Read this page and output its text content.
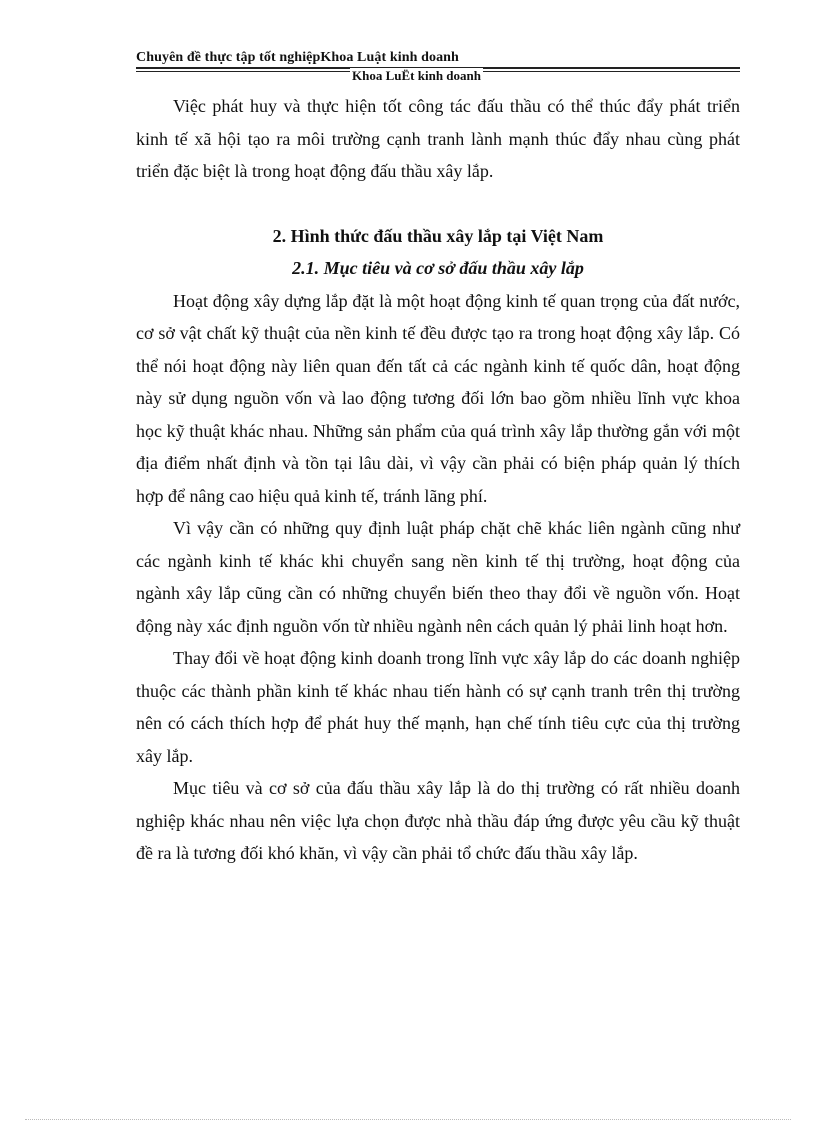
Chuyên đề thực tập tốt nghiệpKhoa Luật kinh doanh
Khoa LuËt kinh doanh

Việc phát huy và thực hiện tốt công tác đấu thầu có thể thúc đẩy phát triển kinh tế xã hội tạo ra môi trường cạnh tranh lành mạnh thúc đẩy nhau cùng phát triển đặc biệt là trong hoạt động đấu thầu xây lắp.

2. Hình thức đấu thầu xây lắp tại Việt Nam

2.1. Mục tiêu và cơ sở đấu thầu xây lắp

Hoạt động xây dựng lắp đặt là một hoạt động kinh tế quan trọng của đất nước, cơ sở vật chất kỹ thuật của nền kinh tế đều được tạo ra trong hoạt động xây lắp. Có thể nói hoạt động này liên quan đến tất cả các ngành kinh tế quốc dân, hoạt động này sử dụng nguồn vốn và lao động tương đối lớn bao gồm nhiều lĩnh vực khoa học kỹ thuật khác nhau. Những sản phẩm của quá trình xây lắp thường gắn với một địa điểm nhất định và tồn tại lâu dài, vì vậy cần phải có biện pháp quản lý thích hợp để nâng cao hiệu quả kinh tế, tránh lãng phí.

Vì vậy cần có những quy định luật pháp chặt chẽ khác liên ngành cũng như các ngành kinh tế khác khi chuyển sang nền kinh tế thị trường, hoạt động của ngành xây lắp cũng cần có những chuyển biến theo thay đổi về nguồn vốn. Hoạt động này xác định nguồn vốn từ nhiều ngành nên cách quản lý phải linh hoạt hơn.

Thay đổi về hoạt động kinh doanh trong lĩnh vực xây lắp do các doanh nghiệp thuộc các thành phần kinh tế khác nhau tiến hành có sự cạnh tranh trên thị trường nên có cách thích hợp để phát huy thế mạnh, hạn chế tính tiêu cực của thị trường xây lắp.

Mục tiêu và cơ sở của đấu thầu xây lắp là do thị trường có rất nhiều doanh nghiệp khác nhau nên việc lựa chọn được nhà thầu đáp ứng được yêu cầu kỹ thuật đề ra là tương đối khó khăn, vì vậy cần phải tổ chức đấu thầu xây lắp.
